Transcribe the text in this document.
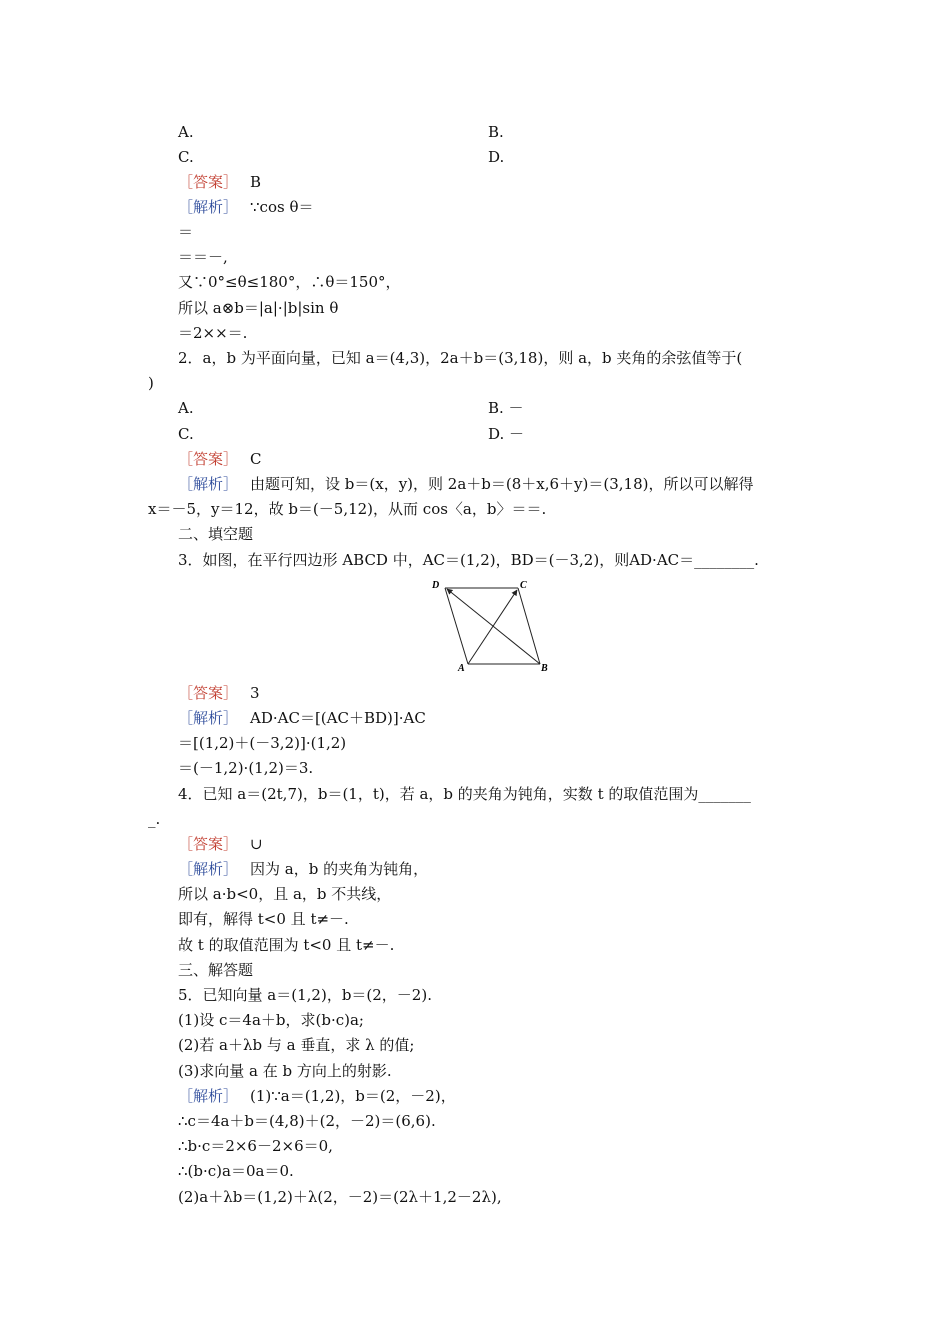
A.	B.
C.	D.
［答案］ B
［解析］ ∵cos θ＝
＝
＝＝－,
又∵0°≤θ≤180°，∴θ＝150°，
所以 a⊗b＝|a|·|b|sin θ
＝2××＝.
2．a，b 为平面向量，已知 a＝(4,3)，2a＋b＝(3,18)，则 a，b 夹角的余弦值等于(
)
A.	B. －
C.	D. －
［答案］ C
［解析］ 由题可知，设 b＝(x，y)，则 2a＋b＝(8＋x,6＋y)＝(3,18)，所以可以解得
x＝－5，y＝12，故 b＝(－5,12)，从而 cos〈a，b〉＝＝.
二、填空题
3．如图，在平行四边形 ABCD 中，AC＝(1,2)，BD＝(－3,2)，则AD·AC＝________.
D	C
A	B
［答案］ 3
［解析］ AD·AC＝[(AC＋BD)]·AC
＝[(1,2)＋(－3,2)]·(1,2)
＝(－1,2)·(1,2)＝3.
4．已知 a＝(2t,7)，b＝(1，t)，若 a，b 的夹角为钝角，实数 t 的取值范围为_______
_.
［答案］ ∪
［解析］ 因为 a，b 的夹角为钝角，
所以 a·b<0，且 a，b 不共线，
即有，解得 t<0 且 t≠－.
故 t 的取值范围为 t<0 且 t≠－.
三、解答题
5．已知向量 a＝(1,2)，b＝(2，－2).
(1)设 c＝4a＋b，求(b·c)a;
(2)若 a＋λb 与 a 垂直，求 λ 的值;
(3)求向量 a 在 b 方向上的射影.
［解析］ (1)∵a＝(1,2)，b＝(2，－2)，
∴c＝4a＋b＝(4,8)＋(2，－2)＝(6,6).
∴b·c＝2×6－2×6＝0,
∴(b·c)a＝0a＝0.
(2)a＋λb＝(1,2)＋λ(2，－2)＝(2λ＋1,2－2λ),
